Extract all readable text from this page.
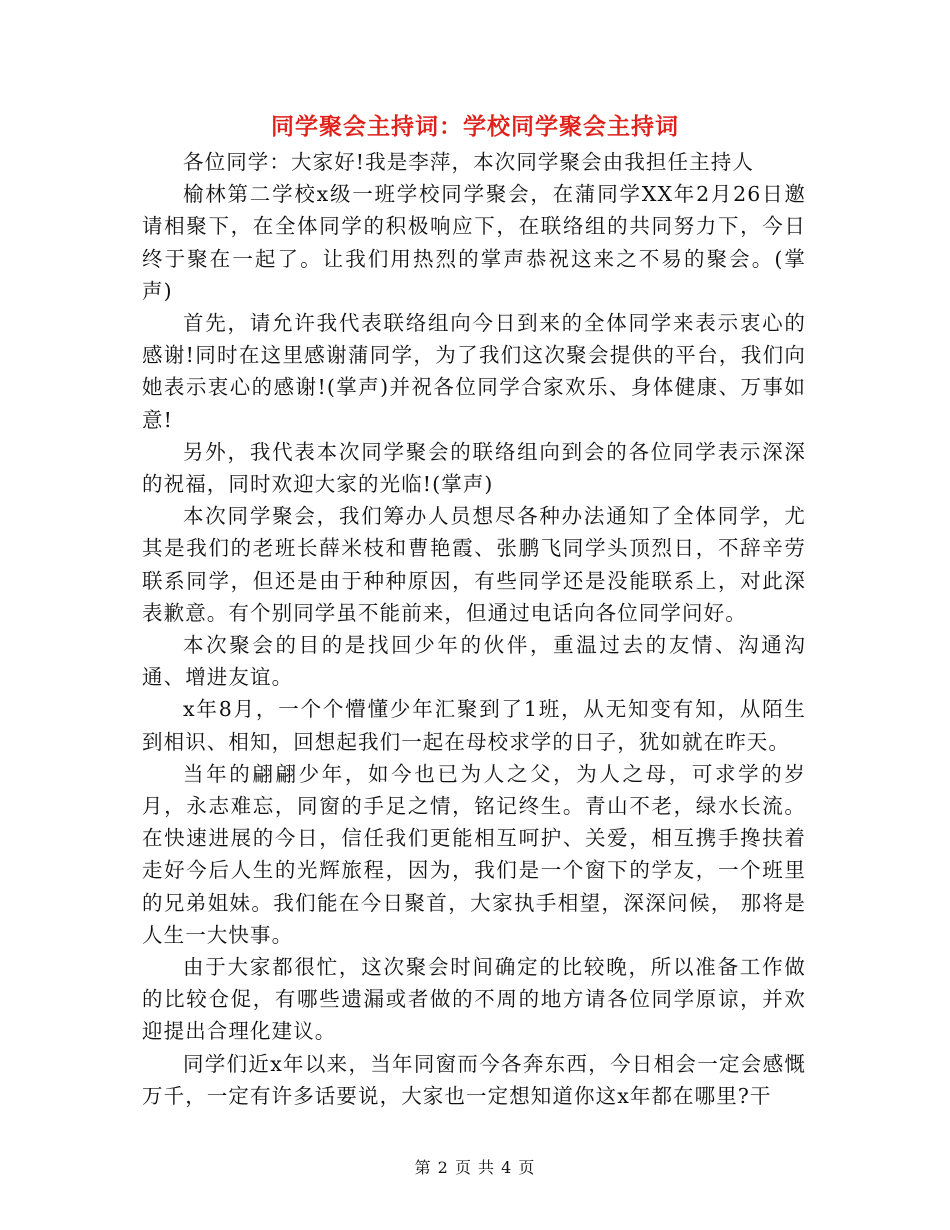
同学聚会主持词：学校同学聚会主持词

各位同学：大家好!我是李萍，本次同学聚会由我担任主持人

榆林第二学校x级一班学校同学聚会，在蒲同学XX年2月26日邀请相聚下，在全体同学的积极响应下，在联络组的共同努力下，今日终于聚在一起了。让我们用热烈的掌声恭祝这来之不易的聚会。(掌声)

首先，请允许我代表联络组向今日到来的全体同学来表示衷心的感谢!同时在这里感谢蒲同学，为了我们这次聚会提供的平台，我们向她表示衷心的感谢!(掌声)并祝各位同学合家欢乐、身体健康、万事如意!

另外，我代表本次同学聚会的联络组向到会的各位同学表示深深的祝福，同时欢迎大家的光临!(掌声)

本次同学聚会，我们筹办人员想尽各种办法通知了全体同学，尤其是我们的老班长薛米枝和曹艳霞、张鹏飞同学头顶烈日，不辞辛劳联系同学，但还是由于种种原因，有些同学还是没能联系上，对此深表歉意。有个别同学虽不能前来，但通过电话向各位同学问好。

本次聚会的目的是找回少年的伙伴，重温过去的友情、沟通沟通、增进友谊。

x年8月，一个个懵懂少年汇聚到了1班，从无知变有知，从陌生到相识、相知，回想起我们一起在母校求学的日子，犹如就在昨天。

当年的翩翩少年，如今也已为人之父，为人之母，可求学的岁月，永志难忘，同窗的手足之情，铭记终生。青山不老，绿水长流。在快速进展的今日，信任我们更能相互呵护、关爱，相互携手搀扶着走好今后人生的光辉旅程，因为，我们是一个窗下的学友，一个班里的兄弟姐妹。我们能在今日聚首，大家执手相望，深深问候， 那将是人生一大快事。

由于大家都很忙，这次聚会时间确定的比较晚，所以准备工作做的比较仓促，有哪些遗漏或者做的不周的地方请各位同学原谅，并欢迎提出合理化建议。

同学们近x年以来，当年同窗而今各奔东西，今日相会一定会感慨万千，一定有许多话要说，大家也一定想知道你这x年都在哪里?干

第 2 页 共 4 页
